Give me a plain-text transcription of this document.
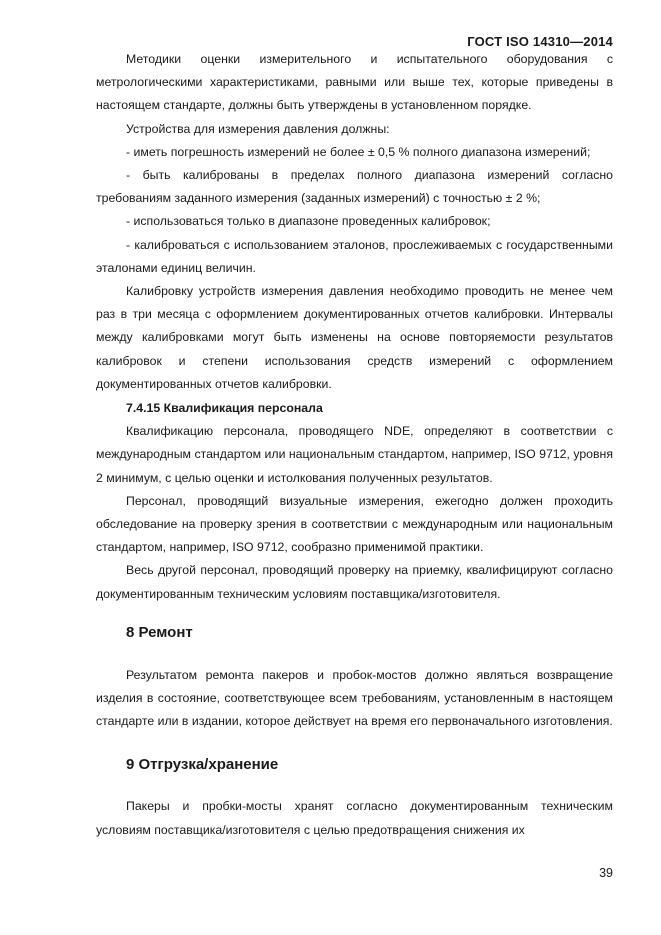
ГОСТ ISO 14310—2014

Методики оценки измерительного и испытательного оборудования с метрологическими характеристиками, равными или выше тех, которые приведены в настоящем стандарте, должны быть утверждены в установленном порядке.

Устройства для измерения давления должны:

- иметь погрешность измерений не более ± 0,5 % полного диапазона измерений;

- быть калиброваны в пределах полного диапазона измерений согласно требованиям заданного измерения (заданных измерений) с точностью ± 2 %;

- использоваться только в диапазоне проведенных калибровок;

- калиброваться с использованием эталонов, прослеживаемых с государственными эталонами единиц величин.

Калибровку устройств измерения давления необходимо проводить не менее чем раз в три месяца с оформлением документированных отчетов калибровки. Интервалы между калибровками могут быть изменены на основе повторяемости результатов калибровок и степени использования средств измерений с оформлением документированных отчетов калибровки.

7.4.15 Квалификация персонала

Квалификацию персонала, проводящего NDE, определяют в соответствии с международным стандартом или национальным стандартом, например, ISO 9712, уровня 2 минимум, с целью оценки и истолкования полученных результатов.

Персонал, проводящий визуальные измерения, ежегодно должен проходить обследование на проверку зрения в соответствии с международным или национальным стандартом, например, ISO 9712, сообразно применимой практики.

Весь другой персонал, проводящий проверку на приемку, квалифицируют согласно документированным техническим условиям поставщика/изготовителя.

8 Ремонт

Результатом ремонта пакеров и пробок-мостов должно являться возвращение изделия в состояние, соответствующее всем требованиям, установленным в настоящем стандарте или в издании, которое действует на время его первоначального изготовления.

9 Отгрузка/хранение

Пакеры и пробки-мосты хранят согласно документированным техническим условиям поставщика/изготовителя с целью предотвращения снижения их

39
